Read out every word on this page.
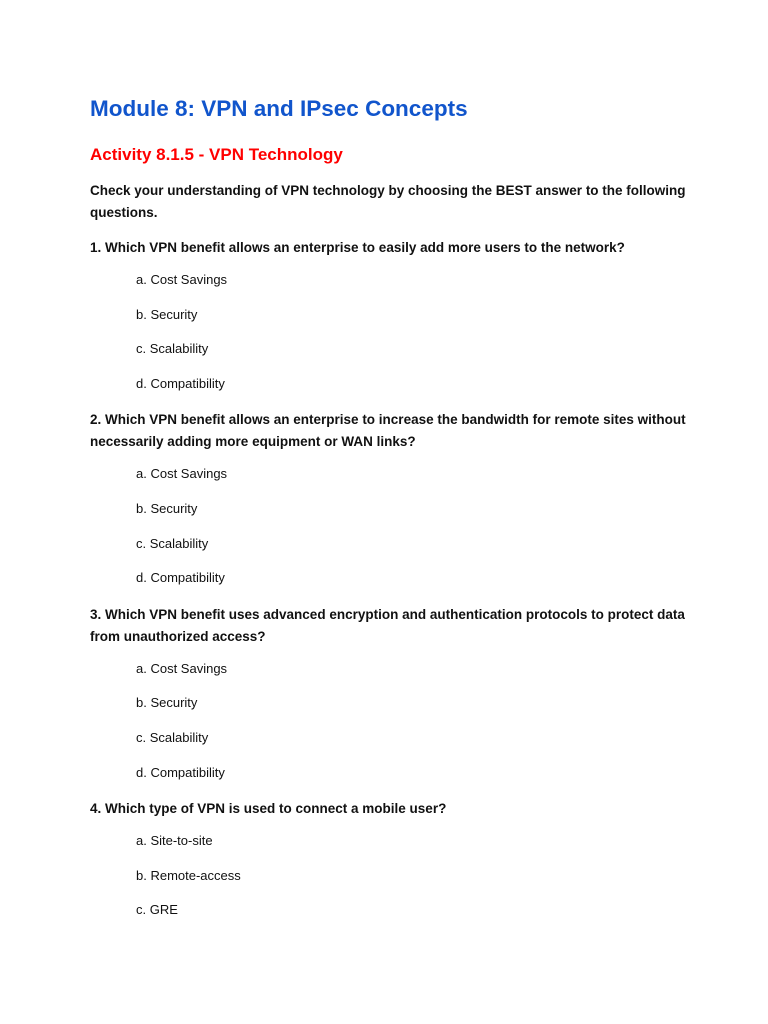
Module 8: VPN and IPsec Concepts
Activity 8.1.5 - VPN Technology
Check your understanding of VPN technology by choosing the BEST answer to the following questions.
1. Which VPN benefit allows an enterprise to easily add more users to the network?
a. Cost Savings
b. Security
c. Scalability
d. Compatibility
2. Which VPN benefit allows an enterprise to increase the bandwidth for remote sites without necessarily adding more equipment or WAN links?
a. Cost Savings
b. Security
c. Scalability
d. Compatibility
3. Which VPN benefit uses advanced encryption and authentication protocols to protect data from unauthorized access?
a. Cost Savings
b. Security
c. Scalability
d. Compatibility
4. Which type of VPN is used to connect a mobile user?
a. Site-to-site
b. Remote-access
c. GRE
